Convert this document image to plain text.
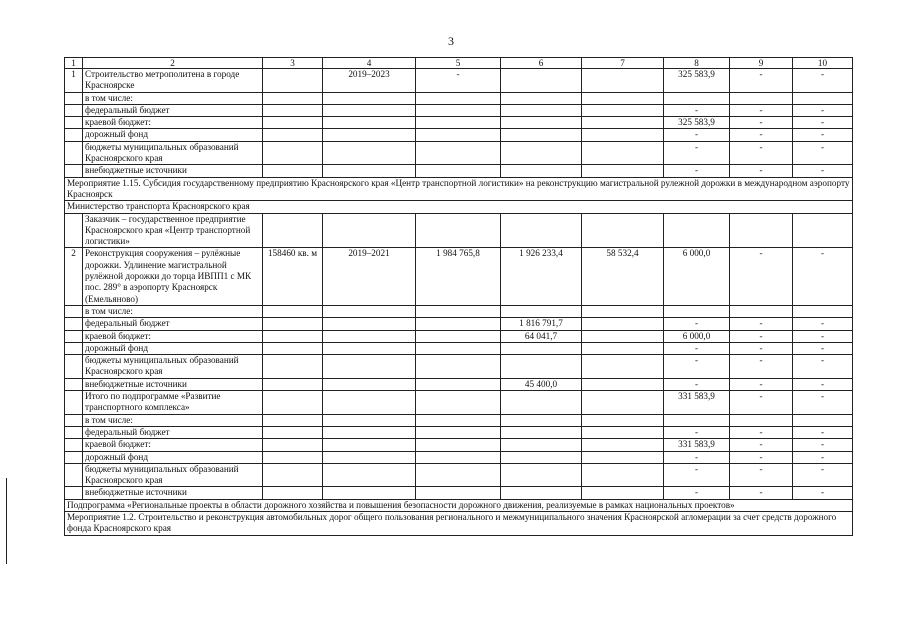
3
1	2	3	4	5	6	7	8	9	10
1	Строительство метрополитена в городе Красноярске		2019–2023	-			325 583,9	-	-
	в том числе:								
	федеральный бюджет						-	-	-
	краевой бюджет:						325 583,9	-	-
	дорожный фонд						-	-	-
	бюджеты муниципальных образований Красноярского края						-	-	-
	внебюджетные источники						-	-	-
Мероприятие 1.15. Субсидия государственному предприятию Красноярского края «Центр транспортной логистики» на реконструкцию магистральной рулежной дорожки в международном аэропорту Красноярск									
Министерство транспорта Красноярского края									
	Заказчик – государственное предприятие Красноярского края «Центр транспортной логистики»								
2	Реконструкция сооружения – рулёжные дорожки. Удлинение магистральной рулёжной дорожки до торца ИВПП1 с МК пос. 289° в аэропорту Красноярск (Емельяново)	158460 кв. м	2019–2021	1 984 765,8	1 926 233,4	58 532,4	6 000,0	-	-
	в том числе:								
	федеральный бюджет				1 816 791,7		-	-	-
	краевой бюджет:				64 041,7		6 000,0	-	-
	дорожный фонд						-	-	-
	бюджеты муниципальных образований Красноярского края						-	-	-
	внебюджетные источники				45 400,0		-	-	-
	Итого по подпрограмме «Развитие транспортного комплекса»						331 583,9	-	-
	в том числе:								
	федеральный бюджет						-	-	-
	краевой бюджет:						331 583,9	-	-
	дорожный фонд						-	-	-
	бюджеты муниципальных образований Красноярского края						-	-	-
	внебюджетные источники						-	-	-
Подпрограмма «Региональные проекты в области дорожного хозяйства и повышения безопасности дорожного движения, реализуемые в рамках национальных проектов»									
Мероприятие 1.2. Строительство и реконструкция автомобильных дорог общего пользования регионального и межмуниципального значения Красноярской агломерации за счет средств дорожного фонда Красноярского края									
